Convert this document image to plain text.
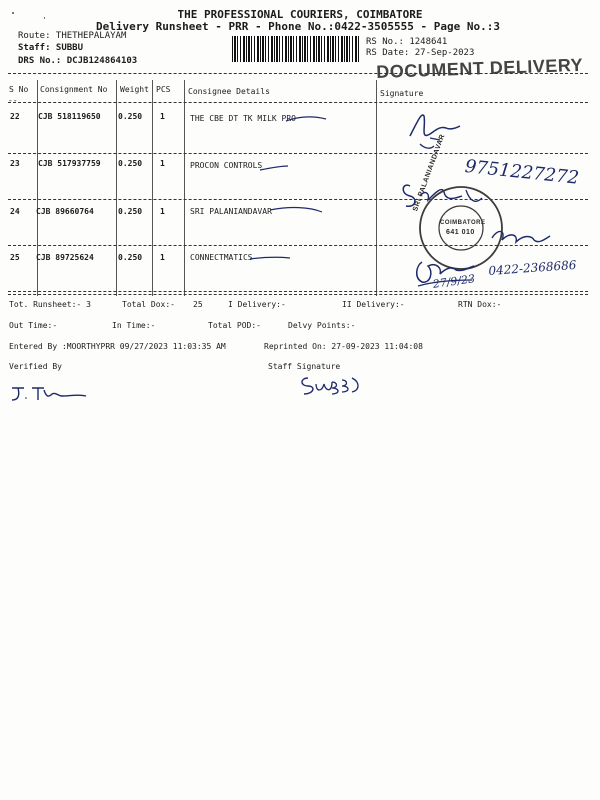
THE PROFESSIONAL COURIERS, COIMBATORE
Delivery Runsheet - PRR - Phone No.:0422-3505555 - Page No.:3
Route: THETHEPALAYAM
Staff: SUBBU
DRS No.: DCJB124864103
RS No.: 1248641
RS Date: 27-Sep-2023
DOCUMENT DELIVERY
S No Consignment No Weight PCS Consignee Details	Signature
--
22 CJB 518119650 0.250 1	THE CBE DT TK MILK PRO
23 CJB 517937759 0.250 1	PROCON CONTROLS
24 CJB 89660764	0.250 1	SRI PALANIANDAVAR
25 CJB 89725624	0.250 1	CONNECTMATICS
9751227272
SRI PALANIANDAVAR
COIMBATORE
641 010
0422-2368686
27/9/23
Tot. Runsheet:- 3	Total Dox:- 25	I Delivery:-	II Delivery:-	RTN Dox:-
Out Time:-	In Time:-	Total POD:-	Delvy Points:-
Entered By :MOORTHYPRR 09/27/2023 11:03:35 AM	Reprinted On: 27-09-2023 11:04:08
Verified By	Staff Signature
